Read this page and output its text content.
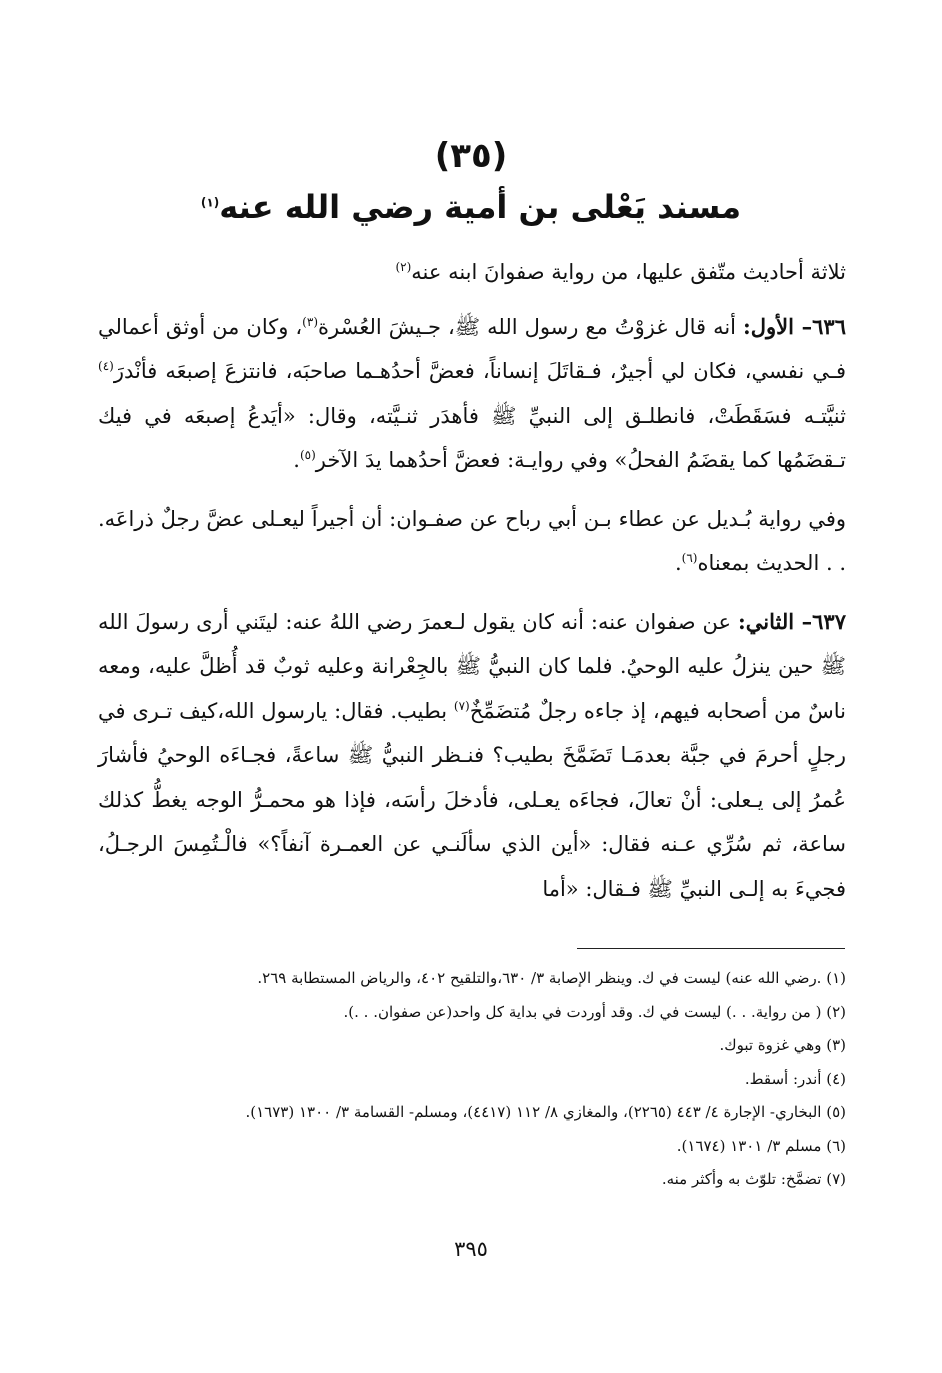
(٣٥)
مسند يَعْلى بن أمية رضي الله عنه$^{(١)}$

ثلاثة أحاديث متّفق عليها، من رواية صفوانَ ابنه عنه$^{(٢)}$

٦٣٦– الأول: أنه قال غزوْتُ مع رسول الله ﷺ، جـيشَ العُسْرة$^{(٣)}$، وكان من أوثق أعمالي فـي نفسي، فكان لي أجيرٌ، فـقاتَلَ إنساناً، فعضَّ أحدُهـما صاحبَه، فانتزعَ إصبعَه فأنْدرَ$^{(٤)}$ ثنيَّتـه فسَقَطَتْ، فانطلـق إلى النبيِّ ﷺ فأهدَر ثنـيَّته، وقال: «أيَدعُ إصبعَه في فيك تـقضَمُها كما يقضَمُ الفحلُ» وفي روايـة: فعضَّ أحدُهما يدَ الآخر$^{(٥)}$.

وفي رواية بُـديل عن عطاء بـن أبي رباح عن صفـوان: أن أجيراً ليعـلى عضَّ رجلٌ ذراعَه. . . الحديث بمعناه$^{(٦)}$.

٦٣٧– الثاني: عن صفوان عنه: أنه كان يقول لـعمرَ رضي اللهُ عنه: ليتَني أرى رسولَ الله ﷺ حين ينزلُ عليه الوحيُ. فلما كان النبيُّ ﷺ بالجِعْرانة وعليه ثوبٌ قد أُظلَّ عليه، ومعه ناسٌ من أصحابه فيهم، إذ جاءه رجلٌ مُتضَمِّخٌ$^{(٧)}$ بطيب. فقال: يارسول الله،كيف تـرى في رجلٍ أحرمَ في جبَّة بعدمَـا تَضَمَّخَ بطيب؟ فنـظر النبيُّ ﷺ ساعةً، فجـاءَه الوحيُ فأشارَ عُمرُ إلى يـعلى: أنْ تعالَ، فجاءَه يعـلى، فأدخلَ رأسَه، فإذا هو محمـرُّ الوجه يغطُّ كذلك ساعة، ثم سُرِّي عـنه فقال: «أين الذي سألَنـي عن العمـرة آنفاً؟» فالْـتُمِسَ الرجـلُ، فجيءَ به إلـى النبيِّ ﷺ فـقال: «أما

(١) .رضي الله عنه) ليست في ك. وينظر الإصابة ٣/ ٦٣٠،والتلقيح ٤٠٢، والرياض المستطابة ٢٦٩.
(٢) ( من رواية. . .) ليست في ك. وقد أوردت في بداية كل واحد(عن صفوان. . .).
(٣) وهي غزوة تبوك.
(٤) أندر: أسقط.
(٥) البخاري- الإجارة ٤/ ٤٤٣ (٢٢٦٥)، والمغازي ٨/ ١١٢ (٤٤١٧)، ومسلم- القسامة ٣/ ١٣٠٠ (١٦٧٣).
(٦) مسلم ٣/ ١٣٠١ (١٦٧٤).
(٧) تضمَّخ: تلوّث به وأكثر منه.
٣٩٥
